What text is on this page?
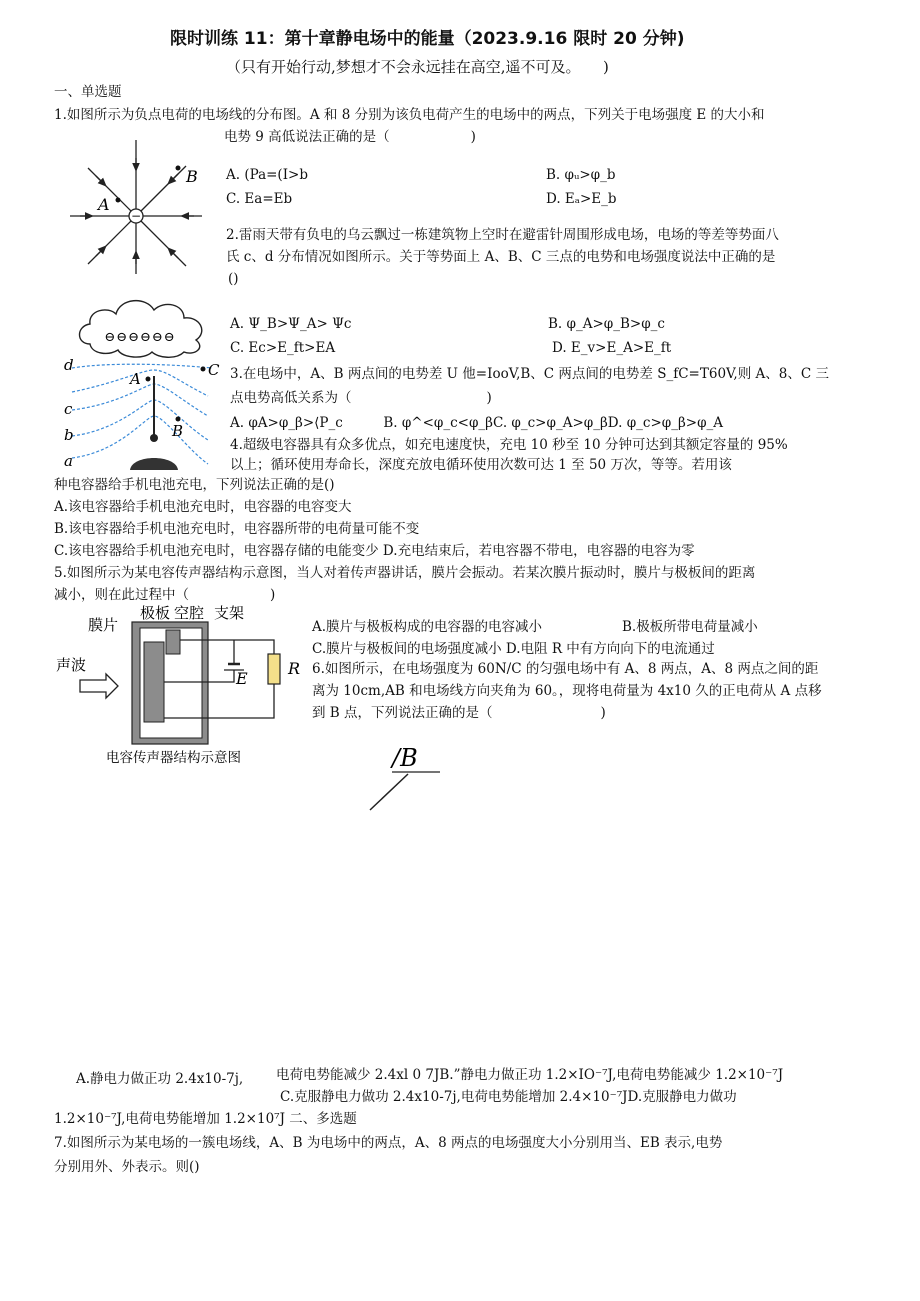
限时训练 11：第十章静电场中的能量（2023.9.16 限时 20 分钟)
（只有开始行动,梦想才不会永远挂在高空,遥不可及。　　)
一、单选题
1.如图所示为负点电荷的电场线的分布图。A 和 8 分别为该负电荷产生的电场中的两点，下列关于电场强度 E 的大小和
电势 9 高低说法正确的是（　　　　　　)
A. (Pa=(I>b	B. φᵤ>φ_b
C. Ea=Eb	D. Eₐ>E_b
−
A
B
2.雷雨天带有负电的乌云飘过一栋建筑物上空时在避雷针周围形成电场，电场的等差等势面八
氏 c、d 分布情况如图所示。关于等势面上 A、B、C 三点的电势和电场强度说法中正确的是
()
A. Ψ_B>Ψ_A> Ψc	B. φ_A>φ_B>φ_c
C. Ec>E_ft>EA	D. E_v>E_A>E_ft
⊖⊖⊖⊖⊖⊖
d
c
b
a
A
B
C 3.在电场中，A、B 两点间的电势差 U 他=IooV,B、C 两点间的电势差 S_fC=T60V,则 A、8、C 三
点电势高低关系为（　　　　　　　　　　)
A. φA>φ_β>⟨P_c　　　B. φ^<φ_c<φ_βC. φ_c>φ_A>φ_βD. φ_c>φ_β>φ_A
4.超级电容器具有众多优点，如充电速度快，充电 10 秒至 10 分钟可达到其额定容量的 95%
以上；循环使用寿命长，深度充放电循环使用次数可达 1 至 50 万次，等等。若用该
种电容器给手机电池充电，下列说法正确的是()
A.该电容器给手机电池充电时，电容器的电容变大
B.该电容器给手机电池充电时，电容器所带的电荷量可能不变
C.该电容器给手机电池充电时，电容器存储的电能变少 D.充电结束后，若电容器不带电，电容器的电容为零
5.如图所示为某电容传声器结构示意图，当人对着传声器讲话，膜片会振动。若某次膜片振动时，膜片与极板间的距离
减小，则在此过程中（　　　　　　)
A.膜片与极板构成的电容器的电容减小	B.极板所带电荷量减小
C.膜片与极板间的电场强度减小 D.电阻 R 中有方向向下的电流通过
膜片
极板 空腔 支架
声波
E
R
电容传声器结构示意图
6.如图所示，在电场强度为 60N/C 的匀强电场中有 A、8 两点，A、8 两点之间的距
离为 10cm,AB 和电场线方向夹角为 60。，现将电荷量为 4x10 久的正电荷从 A 点移
到 B 点，下列说法正确的是（　　　　　　　　)
/B
A.静电力做正功 2.4x10-7j, 电荷电势能减少 2.4xl 0 7JB.”静电力做正功 1.2×IO⁻⁷J,电荷电势能减少 1.2×10⁻⁷J
C.克服静电力做功 2.4x10-7j,电荷电势能增加 2.4×10⁻⁷JD.克服静电力做功
1.2×10⁻⁷J,电荷电势能增加 1.2×10⁷J 二、多选题
7.如图所示为某电场的一簇电场线，A、B 为电场中的两点，A、8 两点的电场强度大小分别用当、EB 表示,电势
分别用外、外表示。则()
